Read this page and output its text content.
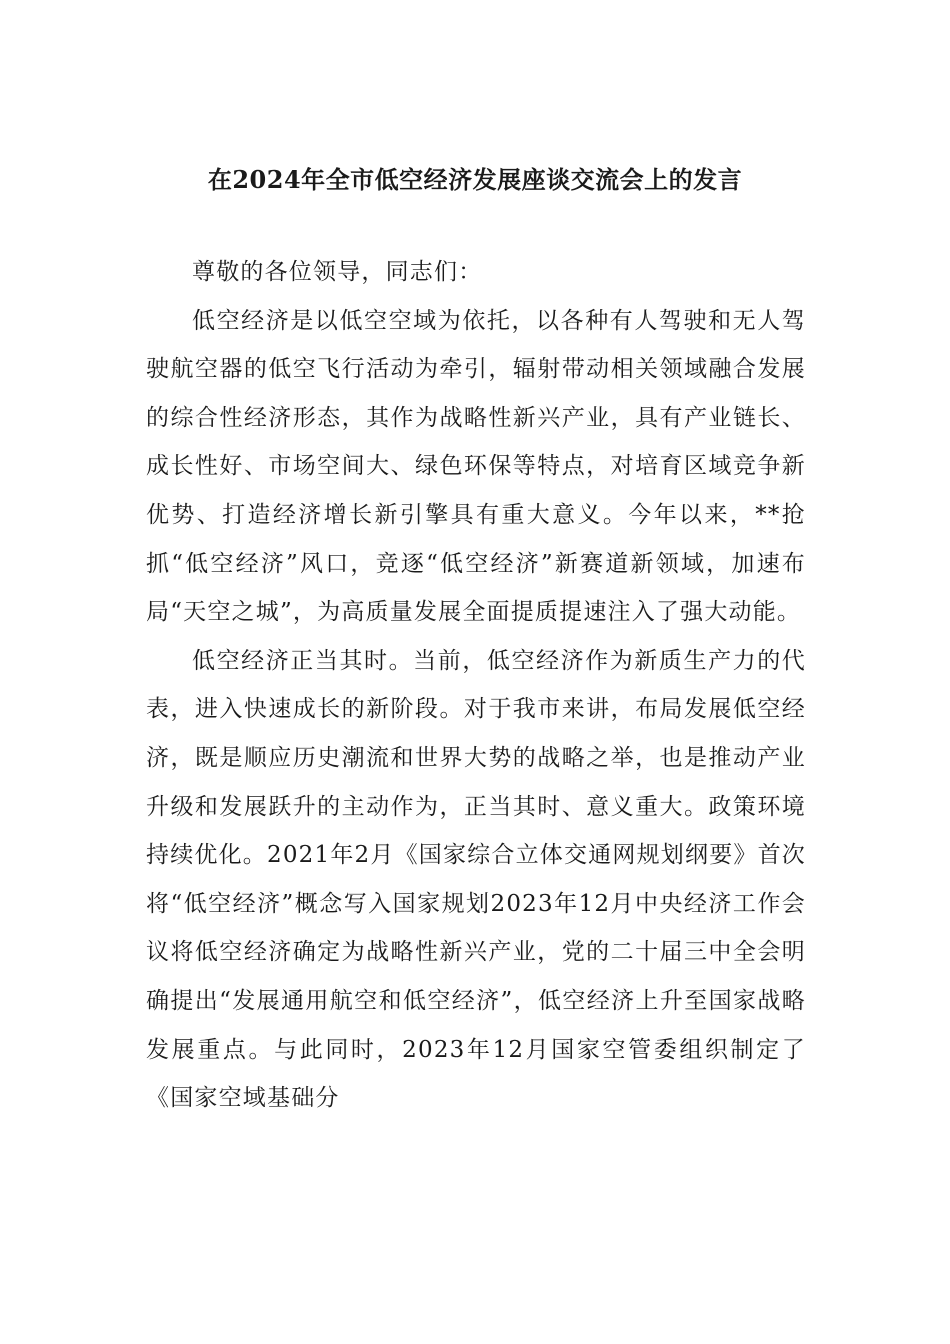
在2024年全市低空经济发展座谈交流会上的发言

尊敬的各位领导，同志们：

低空经济是以低空空域为依托，以各种有人驾驶和无人驾驶航空器的低空飞行活动为牵引，辐射带动相关领域融合发展的综合性经济形态，其作为战略性新兴产业，具有产业链长、成长性好、市场空间大、绿色环保等特点，对培育区域竞争新优势、打造经济增长新引擎具有重大意义。今年以来，**抢抓“低空经济”风口，竞逐“低空经济”新赛道新领域，加速布局“天空之城”，为高质量发展全面提质提速注入了强大动能。

低空经济正当其时。当前，低空经济作为新质生产力的代表，进入快速成长的新阶段。对于我市来讲，布局发展低空经济，既是顺应历史潮流和世界大势的战略之举，也是推动产业升级和发展跃升的主动作为，正当其时、意义重大。政策环境持续优化。2021年2月《国家综合立体交通网规划纲要》首次将“低空经济”概念写入国家规划2023年12月中央经济工作会议将低空经济确定为战略性新兴产业，党的二十届三中全会明确提出“发展通用航空和低空经济”，低空经济上升至国家战略发展重点。与此同时，2023年12月国家空管委组织制定了《国家空域基础分
